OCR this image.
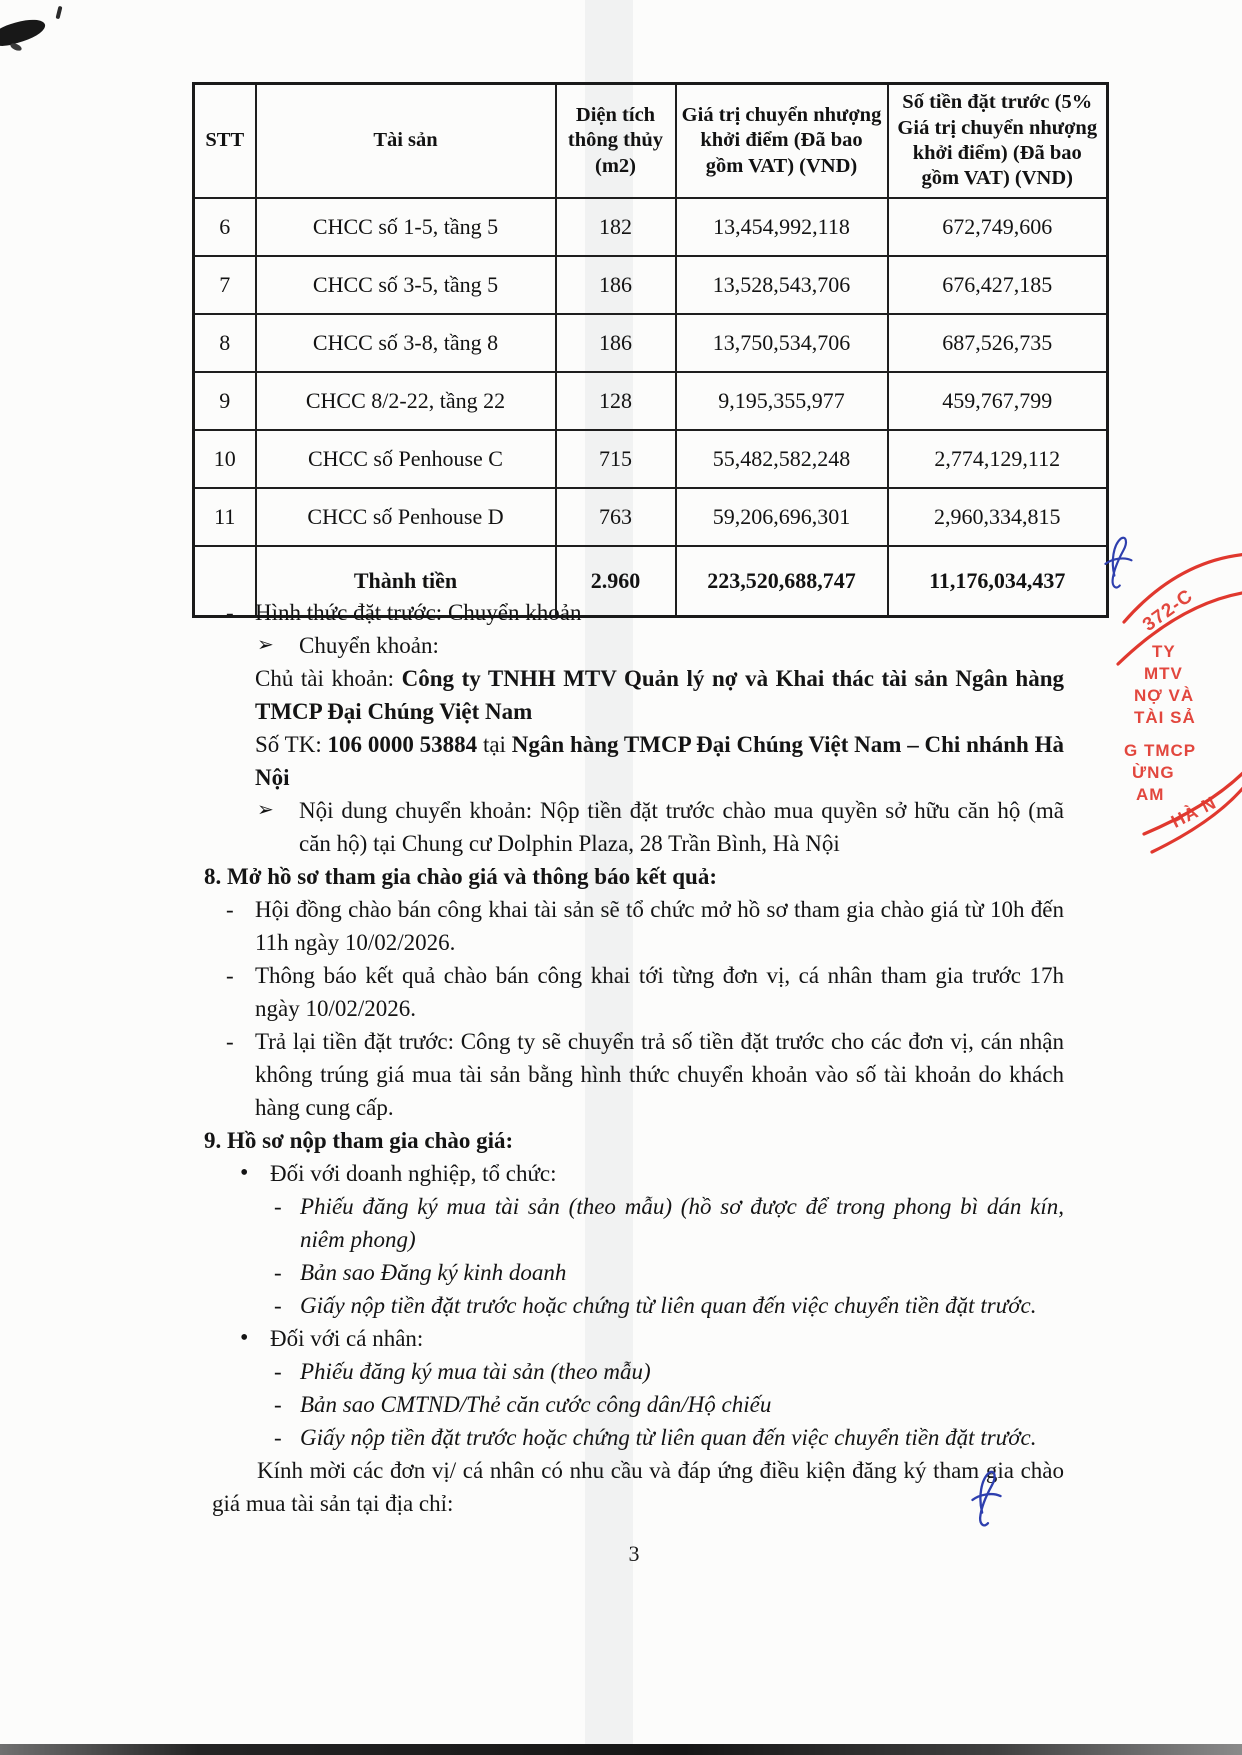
STT	Tài sản	Diện tích thông thủy (m2)	Giá trị chuyển nhượng khởi điểm (Đã bao gồm VAT) (VND)	Số tiền đặt trước (5% Giá trị chuyển nhượng khởi điểm) (Đã bao gồm VAT) (VND)
6	CHCC số 1-5, tầng 5	182	13,454,992,118	672,749,606
7	CHCC số 3-5, tầng 5	186	13,528,543,706	676,427,185
8	CHCC số 3-8, tầng 8	186	13,750,534,706	687,526,735
9	CHCC 8/2-22, tầng 22	128	9,195,355,977	459,767,799
10	CHCC số Penhouse C	715	55,482,582,248	2,774,129,112
11	CHCC số Penhouse D	763	59,206,696,301	2,960,334,815
	Thành tiền	2.960	223,520,688,747	11,176,034,437
- Hình thức đặt trước: Chuyển khoản
➢ Chuyển khoản:
Chủ tài khoản: Công ty TNHH MTV Quản lý nợ và Khai thác tài sản Ngân hàng TMCP Đại Chúng Việt Nam
Số TK: 106 0000 53884 tại Ngân hàng TMCP Đại Chúng Việt Nam – Chi nhánh Hà Nội
➢ Nội dung chuyển khoản: Nộp tiền đặt trước chào mua quyền sở hữu căn hộ (mã căn hộ) tại Chung cư Dolphin Plaza, 28 Trần Bình, Hà Nội
8. Mở hồ sơ tham gia chào giá và thông báo kết quả:
- Hội đồng chào bán công khai tài sản sẽ tổ chức mở hồ sơ tham gia chào giá từ 10h đến 11h ngày 10/02/2026.
- Thông báo kết quả chào bán công khai tới từng đơn vị, cá nhân tham gia trước 17h ngày 10/02/2026.
- Trả lại tiền đặt trước: Công ty sẽ chuyển trả số tiền đặt trước cho các đơn vị, cán nhận không trúng giá mua tài sản bằng hình thức chuyển khoản vào số tài khoản do khách hàng cung cấp.
9. Hồ sơ nộp tham gia chào giá:
• Đối với doanh nghiệp, tổ chức:
- Phiếu đăng ký mua tài sản (theo mẫu) (hồ sơ được để trong phong bì dán kín, niêm phong)
- Bản sao Đăng ký kinh doanh
- Giấy nộp tiền đặt trước hoặc chứng từ liên quan đến việc chuyển tiền đặt trước.
• Đối với cá nhân:
- Phiếu đăng ký mua tài sản (theo mẫu)
- Bản sao CMTND/Thẻ căn cước công dân/Hộ chiếu
- Giấy nộp tiền đặt trước hoặc chứng từ liên quan đến việc chuyển tiền đặt trước.
Kính mời các đơn vị/ cá nhân có nhu cầu và đáp ứng điều kiện đăng ký tham gia chào giá mua tài sản tại địa chỉ:
3
372-C
TY
MTV
NỢ VÀ
TÀI SẢ
G TMCP
ỪNG
AM HÀ N
